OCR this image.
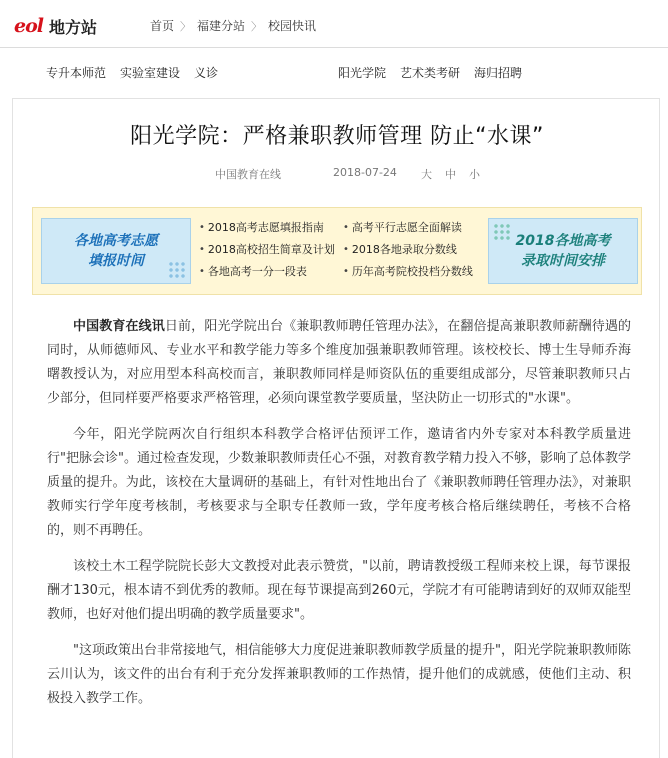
eol 地方站	首页 〉 福建分站 〉 校园快讯
专升本师范 实验室建设 义诊	阳光学院 艺术类考研 海归招聘
阳光学院：严格兼职教师管理 防止“水课”
中国教育在线	2018-07-24 大 中 小
各地高考志愿
填报时间
• 2018高考志愿填报指南 • 高考平行志愿全面解读
• 2018高校招生简章及计划 • 2018各地录取分数线
• 各地高考一分一段表	• 历年高考院校投档分数线
2018各地高考
录取时间安排

中国教育在线讯日前，阳光学院出台《兼职教师聘任管理办法》，在翻倍提高兼职教师薪酬待遇的同时，从师德师风、专业水平和教学能力等多个维度加强兼职教师管理。该校校长、博士生导师乔海曙教授认为，对应用型本科高校而言，兼职教师同样是师资队伍的重要组成部分，尽管兼职教师只占少部分，但同样要严格要求严格管理，必须向课堂教学要质量，坚決防止一切形式的"水课"。

今年，阳光学院两次自行组织本科教学合格评估预评工作，邀请省内外专家对本科教学质量进行"把脉会诊"。通过检查发现，少数兼职教师责任心不强，对教育教学精力投入不够，影响了总体教学质量的提升。为此，该校在大量调研的基础上，有针对性地出台了《兼职教师聘任管理办法》，对兼职教师实行学年度考核制，考核要求与全职专任教师一致，学年度考核合格后继续聘任，考核不合格的，则不再聘任。

该校土木工程学院院长彭大文教授对此表示赞赏，"以前，聘请教授级工程师来校上课，每节课报酬才130元，根本请不到优秀的教师。现在每节课提高到260元，学院才有可能聘请到好的双师双能型教师，也好对他们提出明确的教学质量要求"。

"这项政策出台非常接地气，相信能够大力度促进兼职教师教学质量的提升"，阳光学院兼职教师陈云川认为，该文件的出台有利于充分发挥兼职教师的工作热情，提升他们的成就感，使他们主动、积极投入教学工作。
